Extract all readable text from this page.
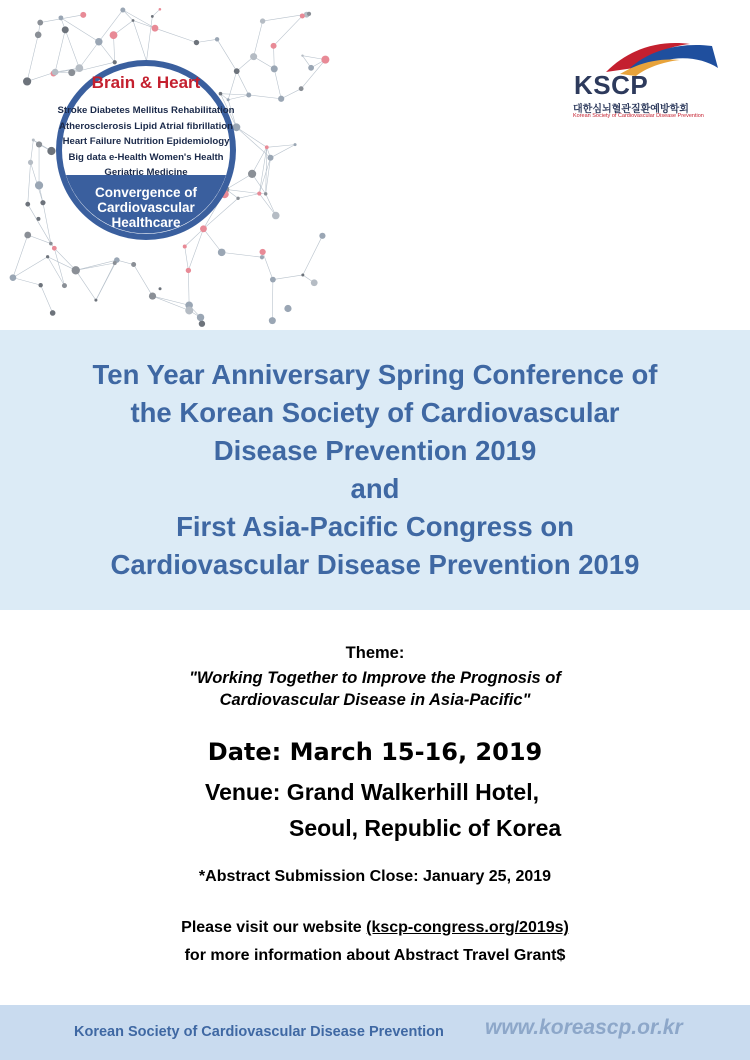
Brain & Heart
Stroke Diabetes Mellitus Rehabilitation
Atherosclerosis Lipid Atrial fibrillation
Heart Failure Nutrition Epidemiology
Big data e-Health Women's Health
Geriatric Medicine
Convergence of
Cardiovascular
Healthcare
KSCP
대한심뇌혈관질환예방학회
Korean Society of Cardiovascular Disease Prevention
Ten Year Anniversary Spring Conference of
the Korean Society of Cardiovascular
Disease Prevention 2019
and
First Asia-Pacific Congress on
Cardiovascular Disease Prevention 2019
Theme:
"Working Together to Improve the Prognosis of
Cardiovascular Disease in Asia-Pacific"
Date: March 15-16, 2019
Venue: Grand Walkerhill Hotel,
Seoul, Republic of Korea
*Abstract Submission Close: January 25, 2019
Please visit our website (kscp-congress.org/2019s)
for more information about Abstract Travel Grant$
Korean Society of Cardiovascular Disease Prevention www.koreascp.or.kr
